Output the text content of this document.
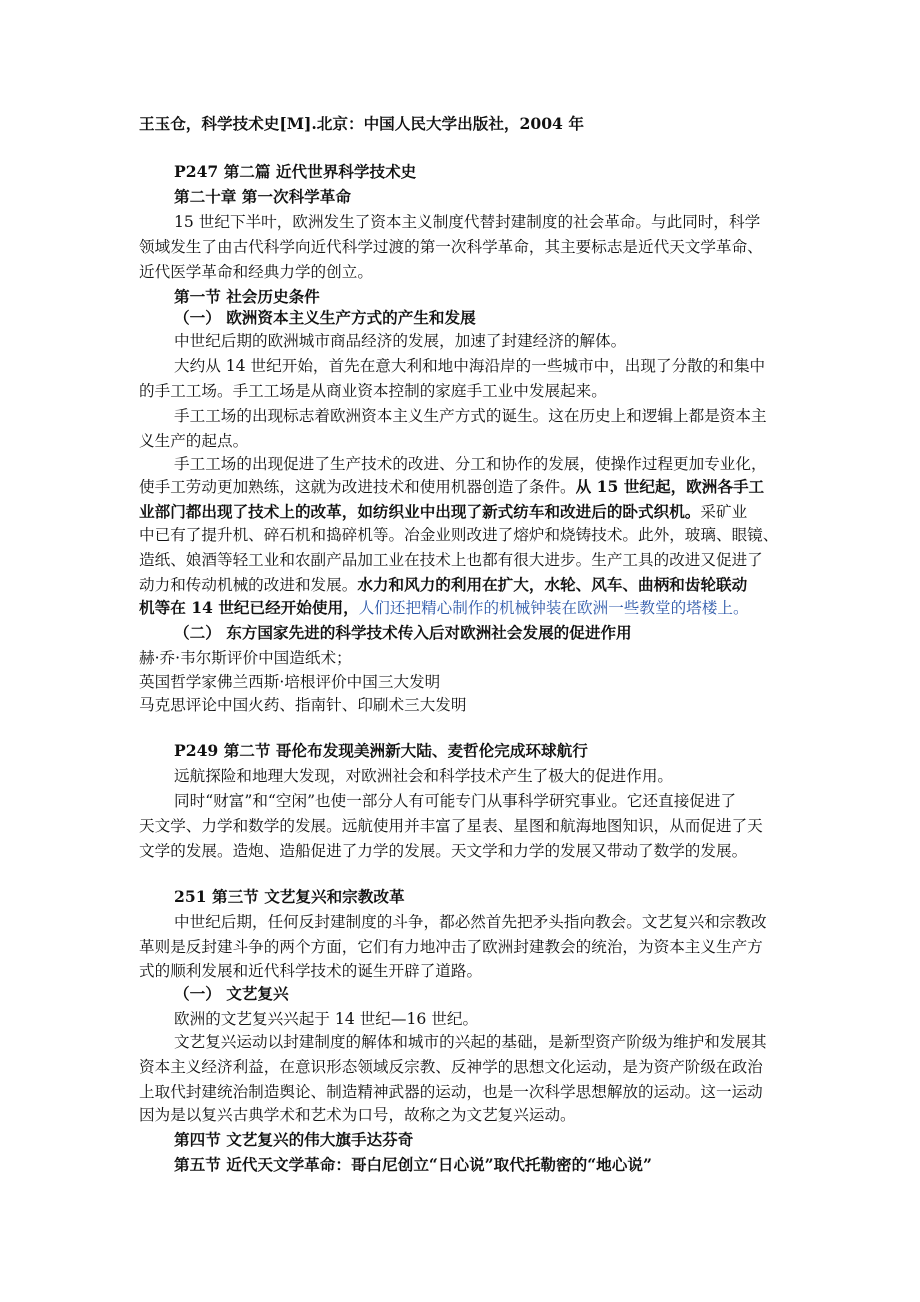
王玉仓，科学技术史[M].北京：中国人民大学出版社，2004 年

P247 第二篇 近代世界科学技术史

第二十章 第一次科学革命

15 世纪下半叶，欧洲发生了资本主义制度代替封建制度的社会革命。与此同时，科学

领域发生了由古代科学向近代科学过渡的第一次科学革命，其主要标志是近代天文学革命、

近代医学革命和经典力学的创立。

第一节 社会历史条件

（一） 欧洲资本主义生产方式的产生和发展

中世纪后期的欧洲城市商品经济的发展，加速了封建经济的解体。

大约从 14 世纪开始，首先在意大利和地中海沿岸的一些城市中，出现了分散的和集中

的手工工场。手工工场是从商业资本控制的家庭手工业中发展起来。

手工工场的出现标志着欧洲资本主义生产方式的诞生。这在历史上和逻辑上都是资本主

义生产的起点。

手工工场的出现促进了生产技术的改进、分工和协作的发展，使操作过程更加专业化，

使手工劳动更加熟练，这就为改进技术和使用机器创造了条件。从 15 世纪起，欧洲各手工

业部门都出现了技术上的改革，如纺织业中出现了新式纺车和改进后的卧式织机。采矿业

中已有了提升机、碎石机和捣碎机等。冶金业则改进了熔炉和烧铸技术。此外，玻璃、眼镜、

造纸、娘酒等轻工业和农副产品加工业在技术上也都有很大进步。生产工具的改进又促进了

动力和传动机械的改进和发展。水力和风力的利用在扩大，水轮、风车、曲柄和齿轮联动

机等在 14 世纪已经开始使用，人们还把精心制作的机械钟装在欧洲一些教堂的塔楼上。

（二） 东方国家先进的科学技术传入后对欧洲社会发展的促进作用

赫·乔·韦尔斯评价中国造纸术；

英国哲学家佛兰西斯·培根评价中国三大发明

马克思评论中国火药、指南针、印刷术三大发明

P249 第二节 哥伦布发现美洲新大陆、麦哲伦完成环球航行

远航探险和地理大发现，对欧洲社会和科学技术产生了极大的促进作用。

同时“财富”和“空闲”也使一部分人有可能专门从事科学研究事业。它还直接促进了

天文学、力学和数学的发展。远航使用并丰富了星表、星图和航海地图知识，从而促进了天

文学的发展。造炮、造船促进了力学的发展。天文学和力学的发展又带动了数学的发展。

251 第三节 文艺复兴和宗教改革

中世纪后期，任何反封建制度的斗争，都必然首先把矛头指向教会。文艺复兴和宗教改

革则是反封建斗争的两个方面，它们有力地冲击了欧洲封建教会的统治，为资本主义生产方

式的顺利发展和近代科学技术的诞生开辟了道路。

（一） 文艺复兴

欧洲的文艺复兴兴起于 14 世纪—16 世纪。

文艺复兴运动以封建制度的解体和城市的兴起的基础，是新型资产阶级为维护和发展其

资本主义经济利益，在意识形态领域反宗教、反神学的思想文化运动，是为资产阶级在政治

上取代封建统治制造舆论、制造精神武器的运动，也是一次科学思想解放的运动。这一运动

因为是以复兴古典学术和艺术为口号，故称之为文艺复兴运动。

第四节 文艺复兴的伟大旗手达芬奇

第五节 近代天文学革命：哥白尼创立“日心说”取代托勒密的“地心说”
